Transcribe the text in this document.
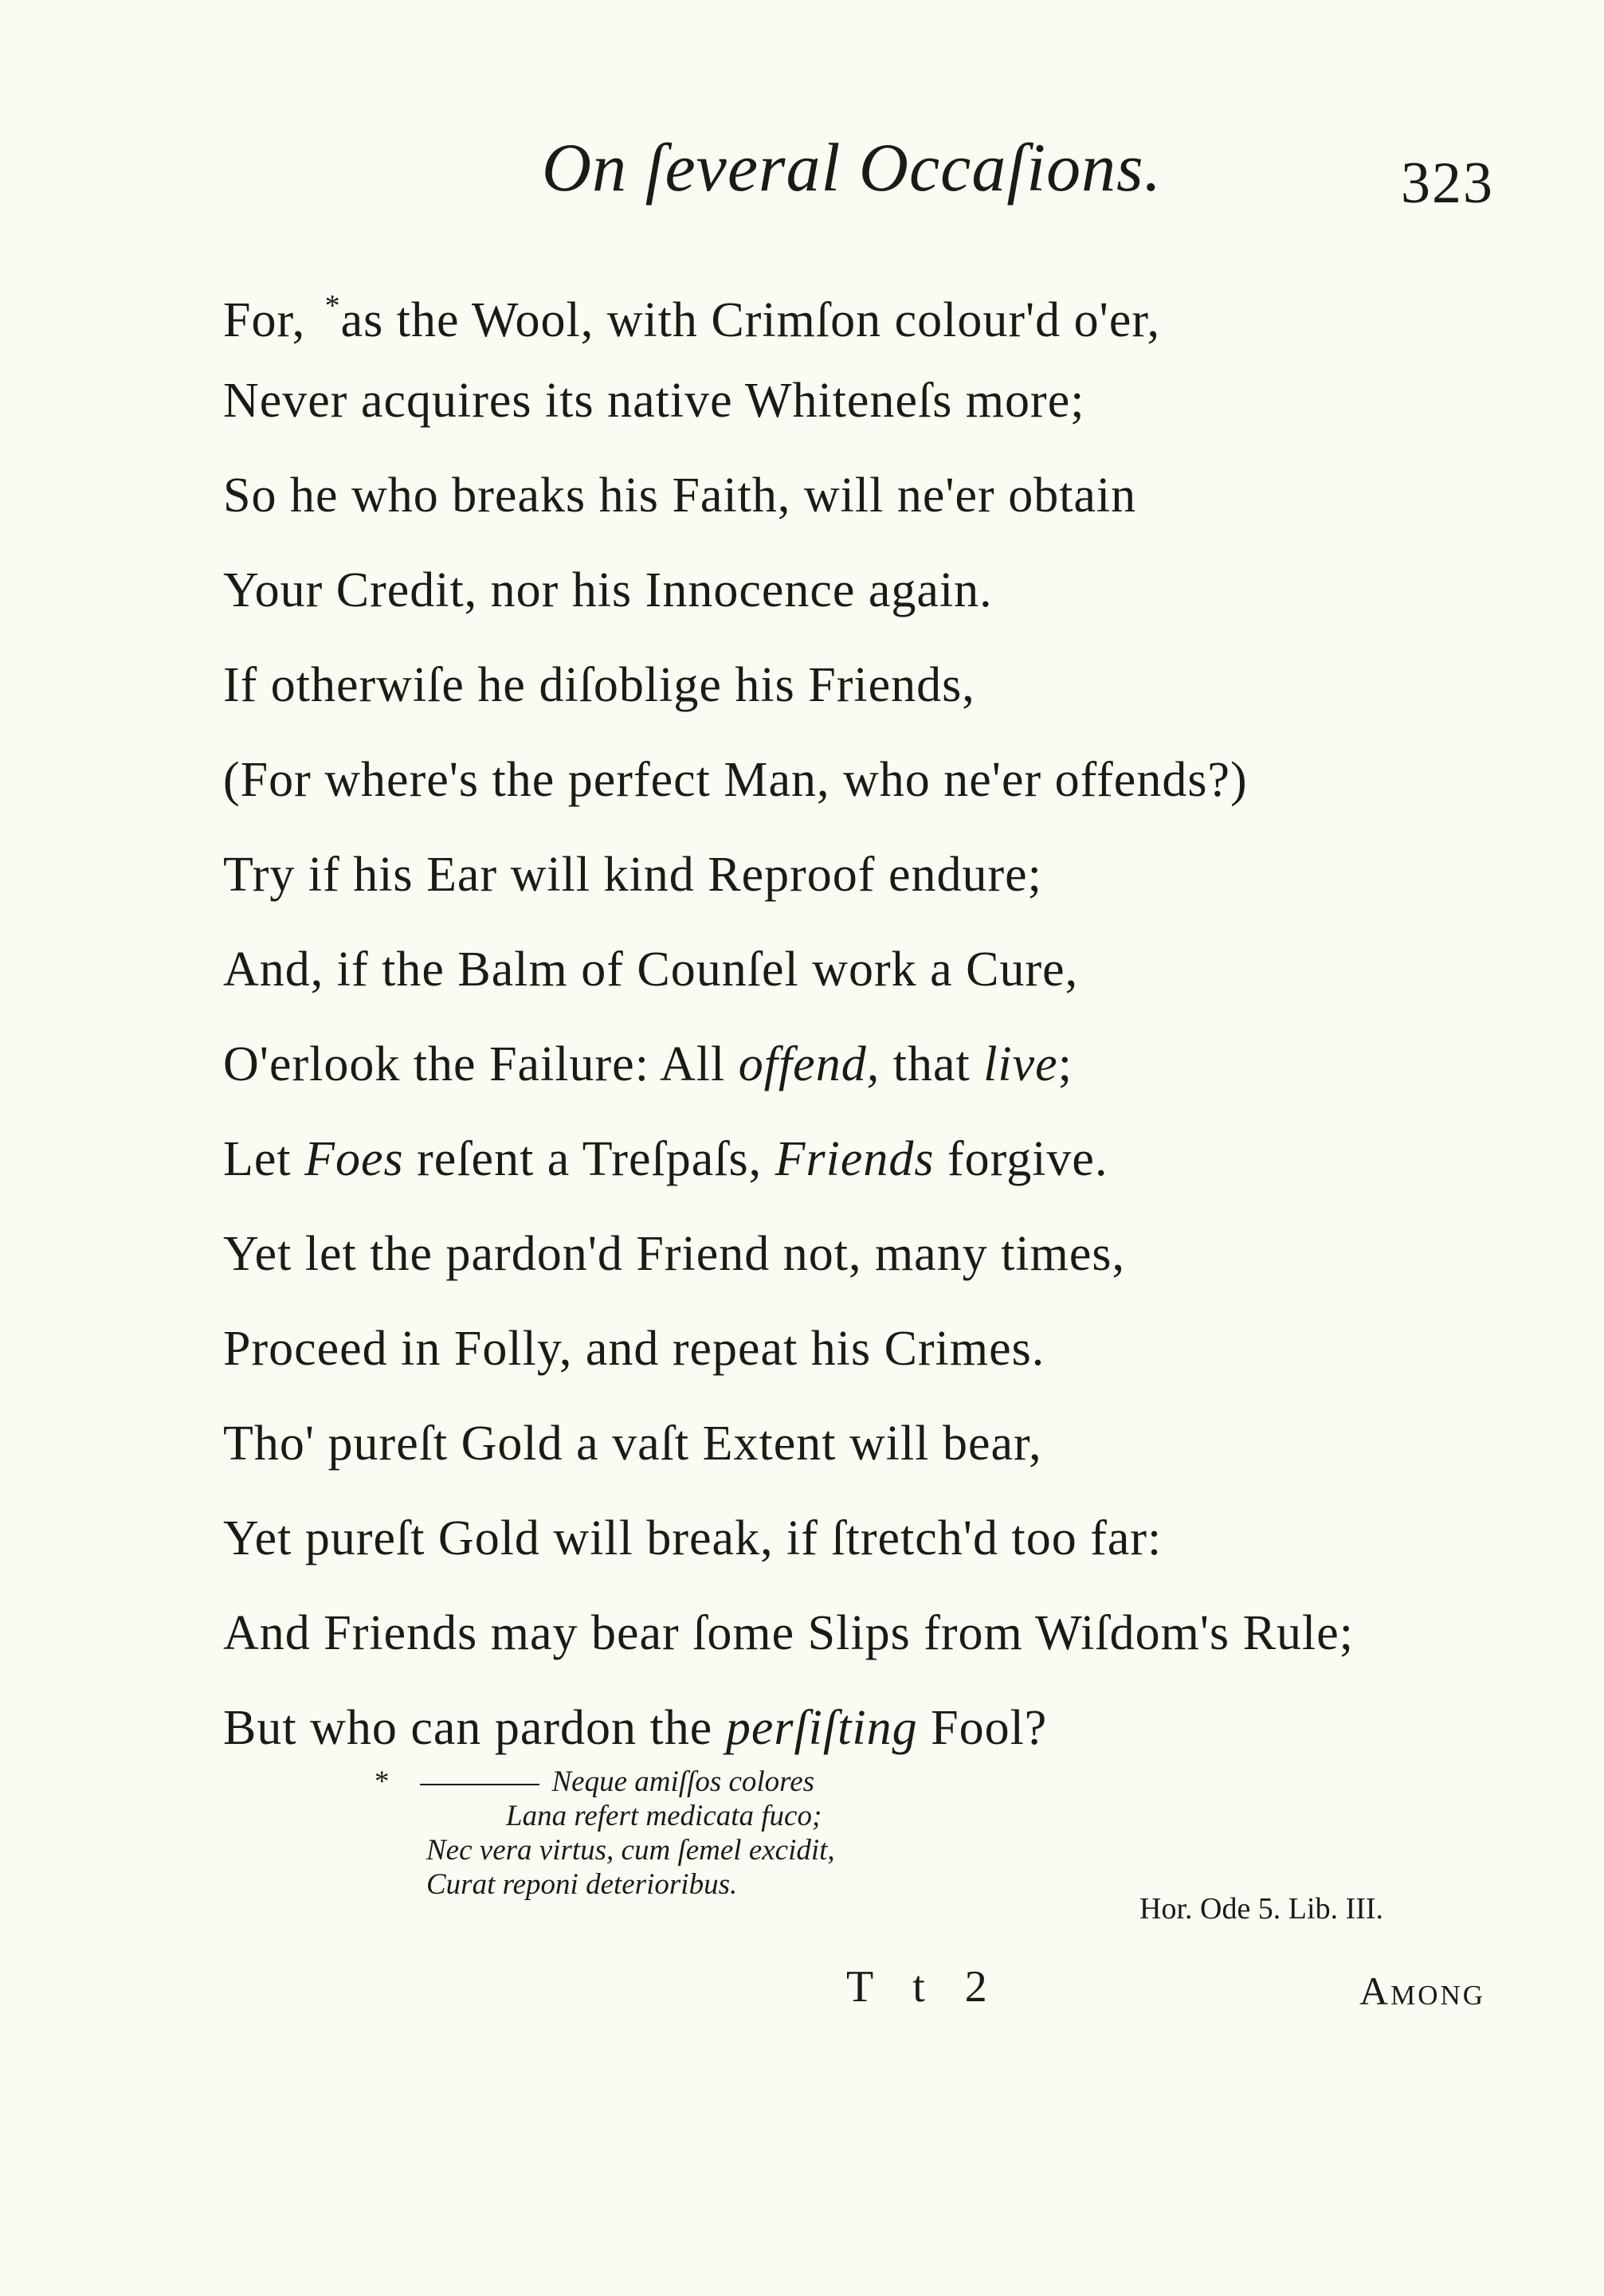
On ſeveral Occaſions.	323
For, *as the Wool, with Crimſon colour'd o'er,
Never acquires its native Whiteneſs more;
So he who breaks his Faith, will ne'er obtain
Your Credit, nor his Innocence again.
If otherwiſe he diſoblige his Friends,
(For where's the perfect Man, who ne'er offends?)
Try if his Ear will kind Reproof endure;
And, if the Balm of Counſel work a Cure,
O'erlook the Failure: All offend, that live;
Let Foes reſent a Treſpaſs, Friends forgive.
Yet let the pardon'd Friend not, many times,
Proceed in Folly, and repeat his Crimes.
Tho' pureſt Gold a vaſt Extent will bear,
Yet pureſt Gold will break, if ſtretch'd too far:
And Friends may bear ſome Slips from Wiſdom's Rule;
But who can pardon the perſiſting Fool?
*	Neque amiſſos colores
Lana refert medicata fuco;
Nec vera virtus, cum ſemel excidit,
Curat reponi deterioribus.
Hor. Ode 5. Lib. III.
T t 2	Among
